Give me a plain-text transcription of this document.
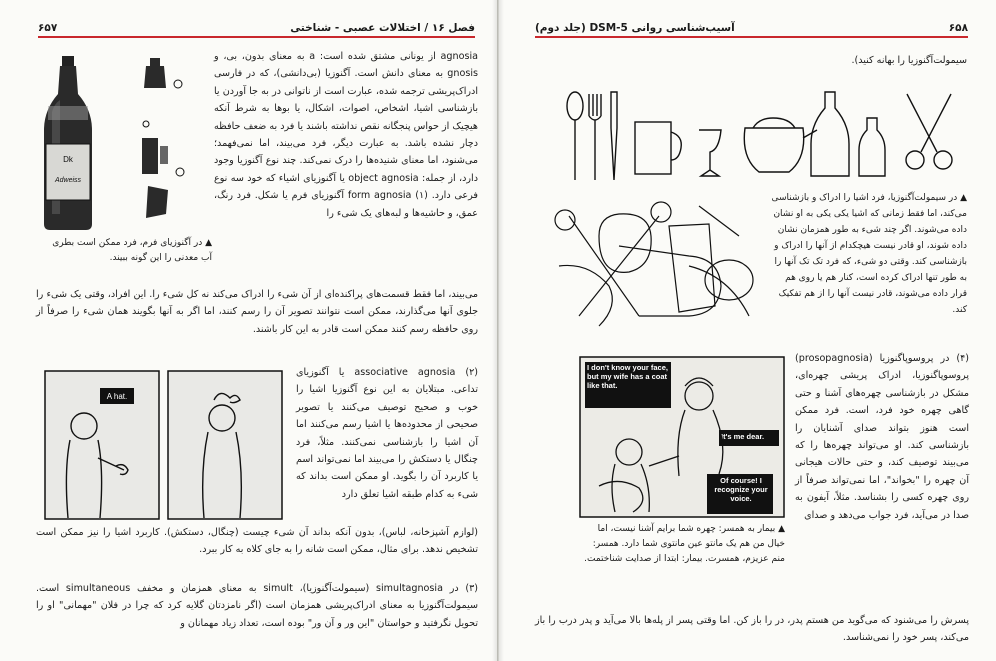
۶۵۷	فصل ۱۶ / اختلالات عصبی - شناختی
Dk
Adweiss
▲ در آگنوزیای فرم، فرد ممکن است بطری آب معدنی را این گونه ببیند.

agnosia از یونانی مشتق شده است: a به معنای بدون، بی، و gnosis به معنای دانش است. آگنوزیا (بی‌دانشی)، که در فارسی ادراک‌پریشی ترجمه شده، عبارت است از ناتوانی در به جا آوردن یا بازشناسی اشیا، اشخاص، اصوات، اشکال، یا بوها به شرط آنکه هیچیک از حواس پنجگانه نقص نداشته باشند یا فرد به ضعف حافظه دچار نشده باشد. به عبارت دیگر، فرد می‌بیند، اما نمی‌فهمد؛ می‌شنود، اما معنای شنیده‌ها را درک نمی‌کند. چند نوع آگنوزیا وجود دارد، از جمله: object agnosia یا آگنوزیای اشیاء که خود سه نوع فرعی دارد. (۱) form agnosia آگنوزیای فرم یا شکل. فرد رنگ، عمق، و حاشیه‌ها و لبه‌های یک شیء را

می‌بیند، اما فقط قسمت‌های پراکنده‌ای از آن شیء را ادراک می‌کند نه کل شیء را. این افراد، وقتی یک شیء را جلوی آنها می‌گذارند، ممکن است نتوانند تصویر آن را رسم کنند، اما اگر به آنها بگویند همان شیء را صرفاً از روی حافظه رسم کنند ممکن است قادر به این کار باشند.

A hat.

(۲) associative agnosia یا آگنوزیای تداعی. مبتلایان به این نوع آگنوزیا اشیا را خوب و صحیح توصیف می‌کنند یا تصویر صحیحی از محدوده‌ها یا اشیا رسم می‌کنند اما آن اشیا را بازشناسی نمی‌کنند. مثلاً، فرد چنگال یا دستکش را می‌بیند اما نمی‌تواند اسم یا کاربرد آن را بگوید. او ممکن است بداند که شیء به کدام طبقه اشیا تعلق دارد

(لوازم آشپزخانه، لباس)، بدون آنکه بداند آن شیء چیست (چنگال، دستکش). کاربرد اشیا را نیز ممکن است تشخیص ندهد. برای مثال، ممکن است شانه را به جای کلاه به کار ببرد.

(۳) در simultagnosia (سیمولت‌آگنوزیا)، simult به معنای همزمان و مخفف simultaneous است. سیمولت‌آگنوزیا به معنای ادراک‌پریشی همزمان است (اگر نامزدتان گلایه کرد که چرا در فلان "مهمانی" او را تحویل نگرفتید و حواستان "این ور و آن ور" بوده است، تعداد زیاد مهمانان و

آسیب‌شناسی روانی DSM-5 (جلد دوم)	۶۵۸
سیمولت‌آگنوزیا را بهانه کنید).
▲ در سیمولت‌آگنوزیا، فرد اشیا را ادراک و بازشناسی می‌کند، اما فقط زمانی که اشیا یکی یکی به او نشان داده می‌شوند. اگر چند شیء به طور همزمان نشان داده شوند، او قادر نیست هیچکدام از آنها را ادراک و بازشناسی کند. وقتی دو شیء، که فرد تک تک آنها را به طور تنها ادراک کرده است، کنار هم یا روی هم قرار داده می‌شوند، قادر نیست آنها را از هم تفکیک کند.

(۴) در پروسوپاگنوزیا (prosopagnosia) پروسوپاگنوزیا، ادراک پریشی چهره‌ای، مشکل در بازشناسی چهره‌های آشنا و حتی گاهی چهره خود فرد، است. فرد ممکن است هنوز بتواند صدای آشنایان را بازشناسی کند. او می‌تواند چهره‌ها را که می‌بیند توصیف کند، و حتی حالات هیجانی آن چهره را "بخواند"، اما نمی‌تواند صرفاً از روی چهره کسی را بشناسد. مثلاً، آیفون به صدا در می‌آید، فرد جواب می‌دهد و صدای

I don't know your face, but my wife has a coat like that.
It's me dear.
Of course! I recognize your voice.
▲ بیمار به همسر: چهره شما برایم آشنا نیست، اما خیال من هم یک مانتو عین مانتوی شما دارد. همسر: منم عزیزم، همسرت. بیمار: ابتدا از صدایت شناختمت.
پسرش را می‌شنود که می‌گوید من هستم پدر، در را باز کن. اما وقتی پسر از پله‌ها بالا می‌آید و پدر درب را باز می‌کند، پسر خود را نمی‌شناسد.
